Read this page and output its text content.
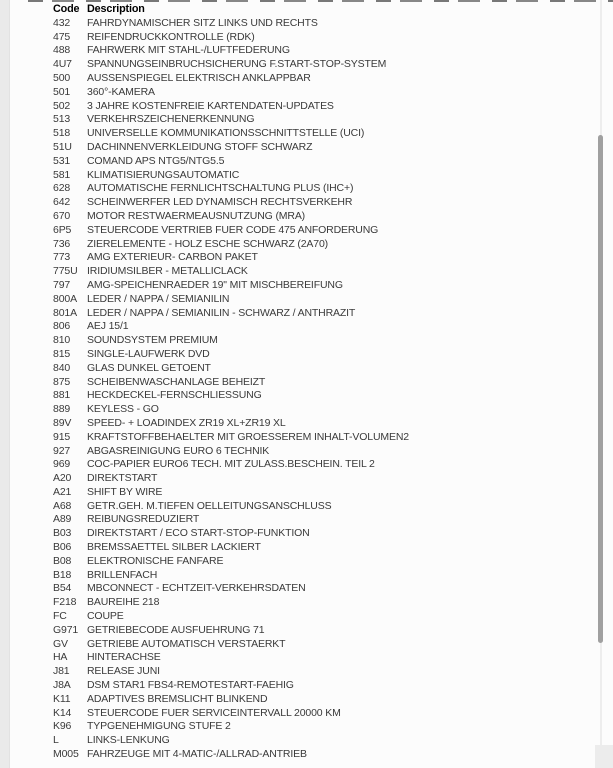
Code Description
432	FAHRDYNAMISCHER SITZ LINKS UND RECHTS
475	REIFENDRUCKKONTROLLE (RDK)
488	FAHRWERK MIT STAHL-/LUFTFEDERUNG
4U7	SPANNUNGSEINBRUCHSICHERUNG F.START-STOP-SYSTEM
500	AUSSENSPIEGEL ELEKTRISCH ANKLAPPBAR
501	360°-KAMERA
502	3 JAHRE KOSTENFREIE KARTENDATEN-UPDATES
513	VERKEHRSZEICHENERKENNUNG
518	UNIVERSELLE KOMMUNIKATIONSSCHNITTSTELLE (UCI)
51U	DACHINNENVERKLEIDUNG STOFF SCHWARZ
531	COMAND APS NTG5/NTG5.5
581	KLIMATISIERUNGSAUTOMATIC
628	AUTOMATISCHE FERNLICHTSCHALTUNG PLUS (IHC+)
642	SCHEINWERFER LED DYNAMISCH RECHTSVERKEHR
670	MOTOR RESTWAERMEAUSNUTZUNG (MRA)
6P5	STEUERCODE VERTRIEB FUER CODE 475 ANFORDERUNG
736	ZIERELEMENTE - HOLZ ESCHE SCHWARZ (2A70)
773	AMG EXTERIEUR- CARBON PAKET
775U IRIDIUMSILBER - METALLICLACK
797	AMG-SPEICHENRAEDER 19" MIT MISCHBEREIFUNG
800A LEDER / NAPPA / SEMIANILIN
801A LEDER / NAPPA / SEMIANILIN - SCHWARZ / ANTHRAZIT
806	AEJ 15/1
810	SOUNDSYSTEM PREMIUM
815	SINGLE-LAUFWERK DVD
840	GLAS DUNKEL GETOENT
875	SCHEIBENWASCHANLAGE BEHEIZT
881	HECKDECKEL-FERNSCHLIESSUNG
889	KEYLESS - GO
89V	SPEED- + LOADINDEX ZR19 XL+ZR19 XL
915	KRAFTSTOFFBEHAELTER MIT GROESSEREM INHALT-VOLUMEN2
927	ABGASREINIGUNG EURO 6 TECHNIK
969	COC-PAPIER EURO6 TECH. MIT ZULASS.BESCHEIN. TEIL 2
A20	DIREKTSTART
A21	SHIFT BY WIRE
A68	GETR.GEH. M.TIEFEN OELLEITUNGSANSCHLUSS
A89	REIBUNGSREDUZIERT
B03	DIREKTSTART / ECO START-STOP-FUNKTION
B06	BREMSSAETTEL SILBER LACKIERT
B08	ELEKTRONISCHE FANFARE
B18	BRILLENFACH
B54	MBCONNECT - ECHTZEIT-VERKEHRSDATEN
F218	BAUREIHE 218
FC	COUPE
G971 GETRIEBECODE AUSFUEHRUNG 71
GV	GETRIEBE AUTOMATISCH VERSTAERKT
HA	HINTERACHSE
J81	RELEASE JUNI
J8A	DSM STAR1 FBS4-REMOTESTART-FAEHIG
K11	ADAPTIVES BREMSLICHT BLINKEND
K14	STEUERCODE FUER SERVICEINTERVALL 20000 KM
K96	TYPGENEHMIGUNG STUFE 2
L	LINKS-LENKUNG
M005 FAHRZEUGE MIT 4-MATIC-/ALLRAD-ANTRIEB
